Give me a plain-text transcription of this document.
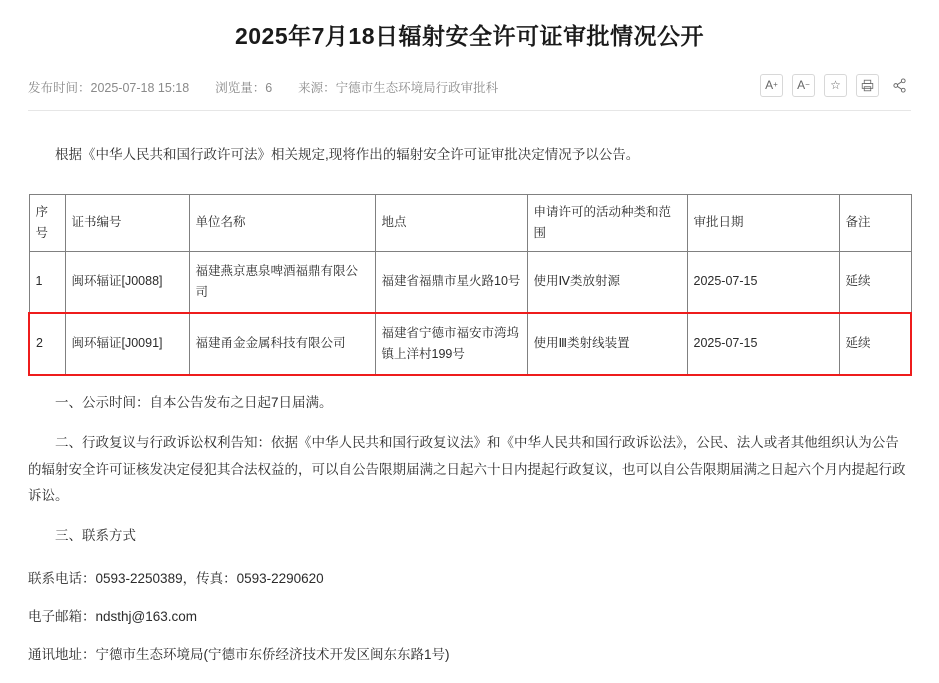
2025年7月18日辐射安全许可证审批情况公开
发布时间：2025-07-18 15:18 浏览量：6 来源：宁德市生态环境局行政审批科	A + A − ☆

根据《中华人民共和国行政许可法》相关规定,现将作出的辐射安全许可证审批决定情况予以公告。

序号	证书编号	单位名称	地点	申请许可的活动种类和范围	审批日期	备注
1	闽环辐证[J0088]	福建燕京惠泉啤酒福鼎有限公司	福建省福鼎市星火路10号	使用Ⅳ类放射源	2025-07-15	延续
2	闽环辐证[J0091]	福建甬金金属科技有限公司	福建省宁德市福安市湾坞镇上洋村199号	使用Ⅲ类射线装置	2025-07-15	延续

一、公示时间：自本公告发布之日起7日届满。

二、行政复议与行政诉讼权利告知：依据《中华人民共和国行政复议法》和《中华人民共和国行政诉讼法》，公民、法人或者其他组织认为公告的辐射安全许可证核发决定侵犯其合法权益的，可以自公告限期届满之日起六十日内提起行政复议，也可以自公告限期届满之日起六个月内提起行政诉讼。

三、联系方式

联系电话：0593-2250389，传真：0593-2290620

电子邮箱：ndsthj@163.com

通讯地址：宁德市生态环境局(宁德市东侨经济技术开发区闽东东路1号)
